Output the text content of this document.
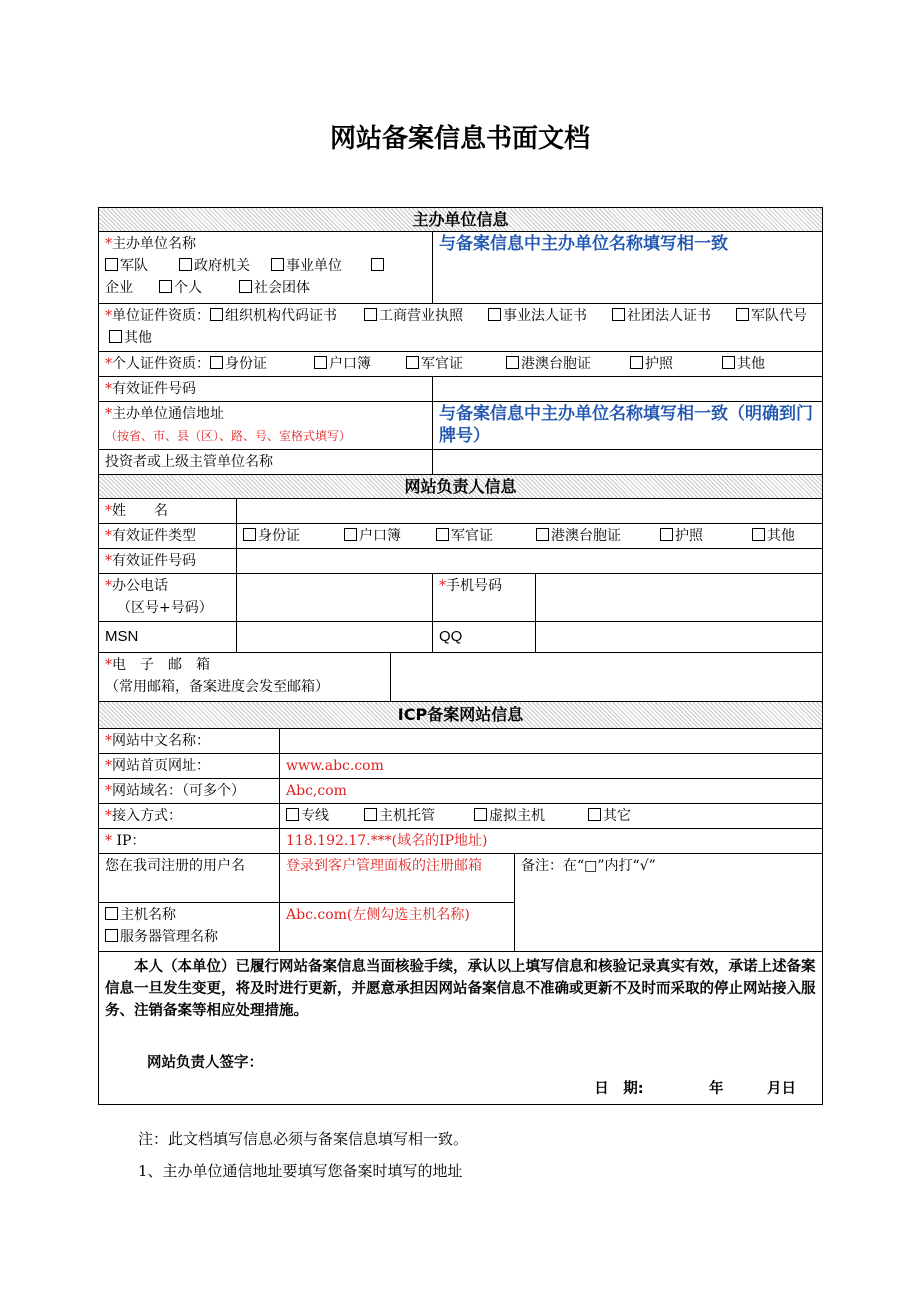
网站备案信息书面文档
主办单位信息						

*主办单位名称
军队 政府机关 事业单位
企业 个人 社会团体				与备案信息中主办单位名称填写相一致		
*单位证件资质： 组织机构代码证书 工商营业执照 事业法人证书 社团法人证书 军队代号 其他						
*个人证件资质： 身份证 户口簿 军官证 港澳台胞证 护照 其他						
*有效证件号码						

*主办单位通信地址
（按省、市、县（区）、路、号、室格式填写）				与备案信息中主办单位名称填写相一致（明确到门牌号）		
投资者或上级主管单位名称						
网站负责人信息						
*姓　　名						
*有效证件类型	身份证 户口簿 军官证 港澳台胞证 护照 其他					
*有效证件号码						

*办公电话
（区号+号码）				*手机号码		
MSN				QQ		

*电　子　邮　箱
（常用邮箱，备案进度会发至邮箱）						

ICP备案网站信息						
*网站中文名称：						
*网站首页网址：		www.abc.com				
*网站域名：（可多个）		Abc,com				
*接入方式：		专线 主机托管 虚拟主机 其它				
* IP：		118.192.17.***(域名的IP地址)				
您在我司注册的用户名		登录到客户管理面板的注册邮箱			备注：在“□”内打“√”	

主机名称
服务器管理名称		Abc.com(左侧勾选主机名称)				

本人（本单位）已履行网站备案信息当面核验手续，承认以上填写信息和核验记录真实有效，承诺上述备案信息一旦发生变更，将及时进行更新，并愿意承担因网站备案信息不准确或更新不及时而采取的停止网站接入服务、注销备案等相应处理措施。

网站负责人签字：
日　期: 年 月日						
注：此文档填写信息必须与备案信息填写相一致。
1、主办单位通信地址要填写您备案时填写的地址
